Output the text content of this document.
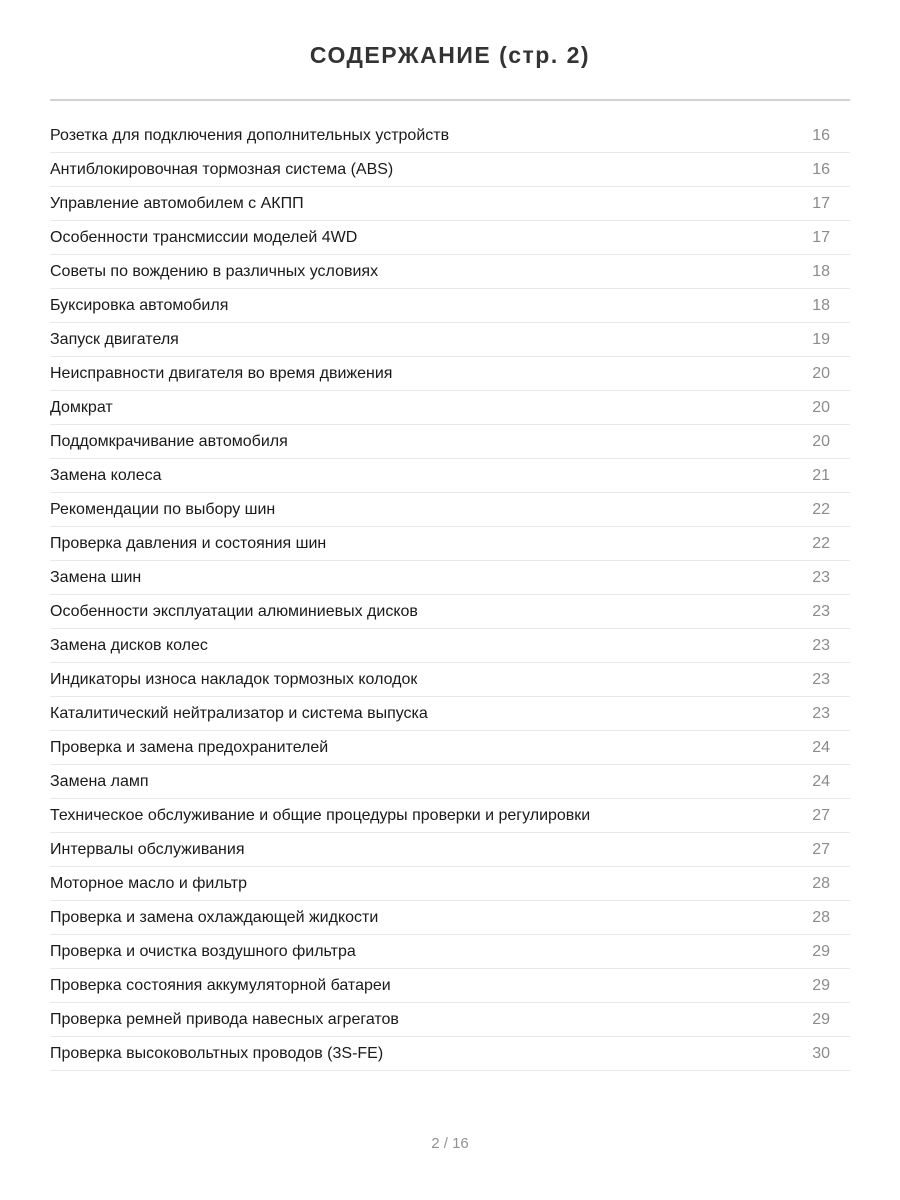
СОДЕРЖАНИЕ (стр. 2)
Розетка для подключения дополнительных устройств	16
Антиблокировочная тормозная система (ABS)	16
Управление автомобилем с АКПП	17
Особенности трансмиссии моделей 4WD	17
Советы по вождению в различных условиях	18
Буксировка автомобиля	18
Запуск двигателя	19
Неисправности двигателя во время движения	20
Домкрат	20
Поддомкрачивание автомобиля	20
Замена колеса	21
Рекомендации по выбору шин	22
Проверка давления и состояния шин	22
Замена шин	23
Особенности эксплуатации алюминиевых дисков	23
Замена дисков колес	23
Индикаторы износа накладок тормозных колодок	23
Каталитический нейтрализатор и система выпуска	23
Проверка и замена предохранителей	24
Замена ламп	24
Техническое обслуживание и общие процедуры проверки и регулировки	27
Интервалы обслуживания	27
Моторное масло и фильтр	28
Проверка и замена охлаждающей жидкости	28
Проверка и очистка воздушного фильтра	29
Проверка состояния аккумуляторной батареи	29
Проверка ремней привода навесных агрегатов	29
Проверка высоковольтных проводов (3S-FE)	30
2 / 16
